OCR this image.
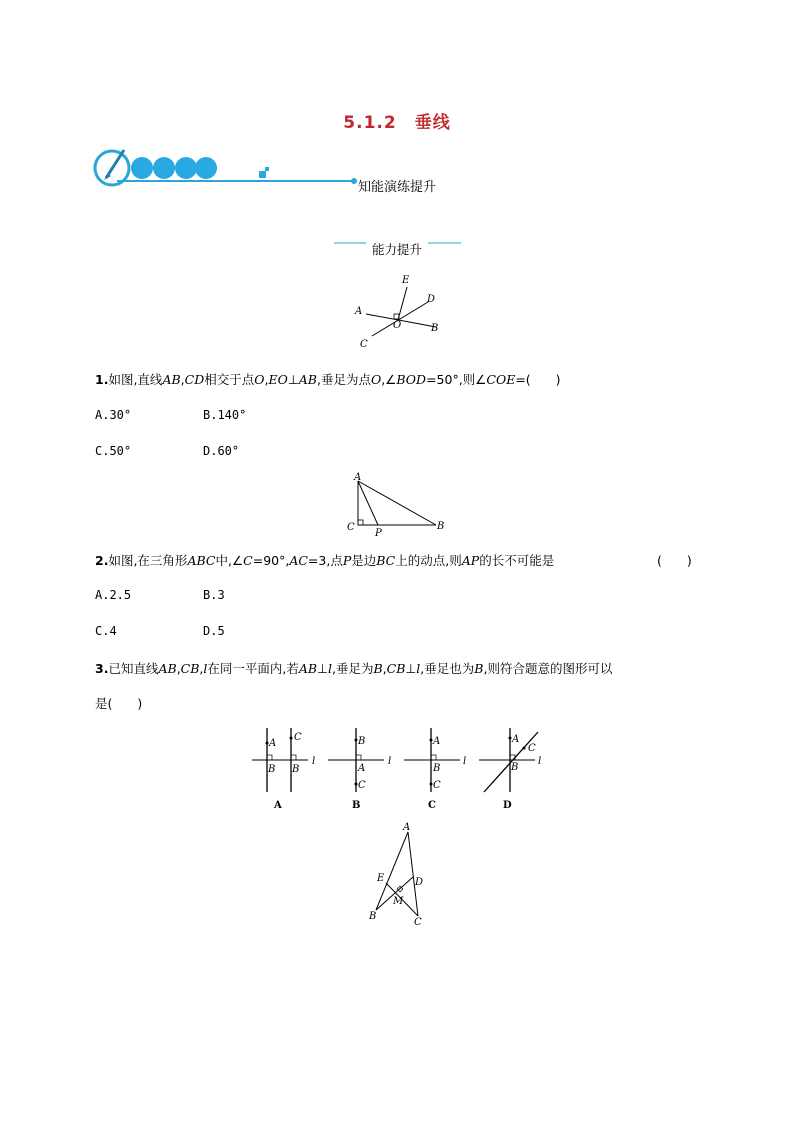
5.1.2　垂线
知能演练提升
能力提升
E
D
A
O	B
C
1.如图,直线AB,CD相交于点O,EO⊥AB,垂足为点O,∠BOD=50°,则∠COE=(　　)
A.30°	B.140°
C.50°	D.60°
A
C
P
B
2.如图,在三角形ABC中,∠C=90°,AC=3,点P是边BC上的动点,则AP的长不可能是	(　　)
A.2.5	B.3
C.4	D.5
3.已知直线AB,CB,l在同一平面内,若AB⊥l,垂足为B,CB⊥l,垂足也为B,则符合题意的图形可以
是(　　)
A
C
B B
l
A
B
A
C
l
B
A
B
C
l
C
A
C
B
l
D
A
E	D
M
B
C
